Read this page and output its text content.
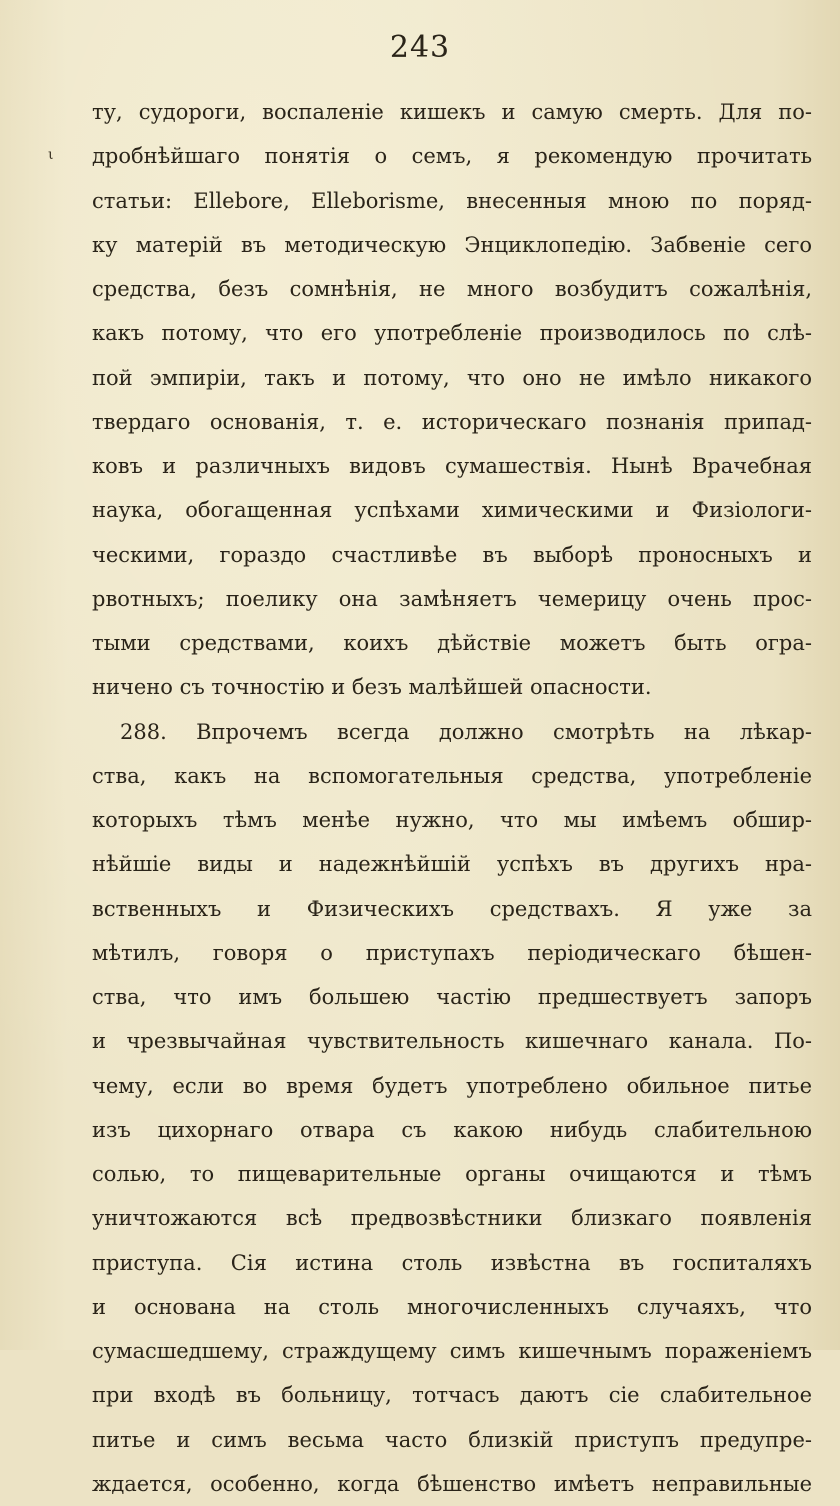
243
ι
ту, судороги, воспаленіе кишекъ и самую смерть. Для по-
дробнѣйшаго понятія о семъ, я рекомендую прочитать
статьи: Ellebore, Elleborisme, внесенныя мною по поряд-
ку матерій въ методическую Энциклопедію. Забвеніе сего
средства, безъ сомнѣнія, не много возбудитъ сожалѣнія,
какъ потому, что его употребленіе производилось по слѣ-
пой эмпиріи, такъ и потому, что оно не имѣло никакого
твердаго основанія, т. е. историческаго познанія припад-
ковъ и различныхъ видовъ сумашествія. Нынѣ Врачебная
наука, обогащенная успѣхами химическими и Физіологи-
ческими, гораздо счастливѣе въ выборѣ проносныхъ и
рвотныхъ; поелику она замѣняетъ чемерицу очень прос-
тыми средствами, коихъ дѣйствіе можетъ быть огра-
ничено съ точностію и безъ малѣйшей опасности.
288. Впрочемъ всегда должно смотрѣть на лѣкар-
ства, какъ на вспомогательныя средства, употребленіе
которыхъ тѣмъ менѣе нужно, что мы имѣемъ обшир-
нѣйшіе виды и надежнѣйшій успѣхъ въ другихъ нра-
вственныхъ и Физическихъ средствахъ. Я уже за
мѣтилъ, говоря о приступахъ періодическаго бѣшен-
ства, что имъ большею частію предшествуетъ запоръ
и чрезвычайная чувствительность кишечнаго канала. По-
чему, если во время будетъ употреблено обильное питье
изъ цихорнаго отвара съ какою нибудь слабительною
солью, то пищеварительные органы очищаются и тѣмъ
уничтожаются всѣ предвозвѣстники близкаго появленія
приступа. Сія истина столь извѣстна въ госпиталяхъ
и основана на столь многочисленныхъ случаяхъ, что
сумасшедшему, страждущему симъ кишечнымъ пораженіемъ
при входѣ въ больницу, тотчасъ даютъ сіе слабительное
питье и симъ весьма часто близкій приступъ предупре-
ждается, особенно, когда бѣшенство имѣетъ неправильные
